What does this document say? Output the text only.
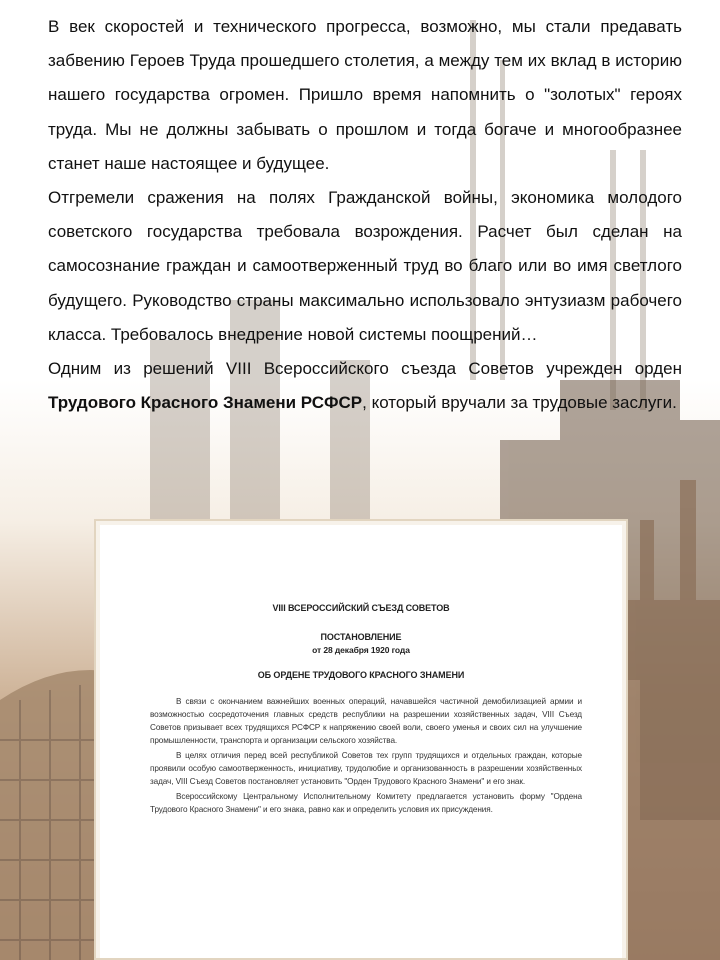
В век скоростей и технического прогресса, возможно, мы стали предавать забвению Героев Труда прошедшего столетия, а между тем их вклад в историю нашего государства огромен. Пришло время напомнить о "золотых" героях труда. Мы не должны забывать о прошлом и тогда богаче и многообразнее станет наше настоящее и будущее.

Отгремели сражения на полях Гражданской войны, экономика молодого советского государства требовала возрождения. Расчет был сделан на самосознание граждан и самоотверженный труд во благо или во имя светлого будущего. Руководство страны максимально использовало энтузиазм рабочего класса. Требовалось внедрение новой системы поощрений…

Одним из решений VIII Всероссийского съезда Советов учрежден орден Трудового Красного Знамени РСФСР, который вручали за трудовые заслуги.

VIII ВСЕРОССИЙСКИЙ СЪЕЗД СОВЕТОВ
ПОСТАНОВЛЕНИЕ
от 28 декабря 1920 года
ОБ ОРДЕНЕ ТРУДОВОГО КРАСНОГО ЗНАМЕНИ

В связи с окончанием важнейших военных операций, начавшейся частичной демобилизацией армии и возможностью сосредоточения главных средств республики на разрешении хозяйственных задач, VIII Съезд Советов призывает всех трудящихся РСФСР к напряжению своей воли, своего уменья и своих сил на улучшение промышленности, транспорта и организации сельского хозяйства.

В целях отличия перед всей республикой Советов тех групп трудящихся и отдельных граждан, которые проявили особую самоотверженность, инициативу, трудолюбие и организованность в разрешении хозяйственных задач, VIII Съезд Советов постановляет установить "Орден Трудового Красного Знамени" и его знак.

Всероссийскому Центральному Исполнительному Комитету предлагается установить форму "Ордена Трудового Красного Знамени" и его знака, равно как и определить условия их присуждения.
